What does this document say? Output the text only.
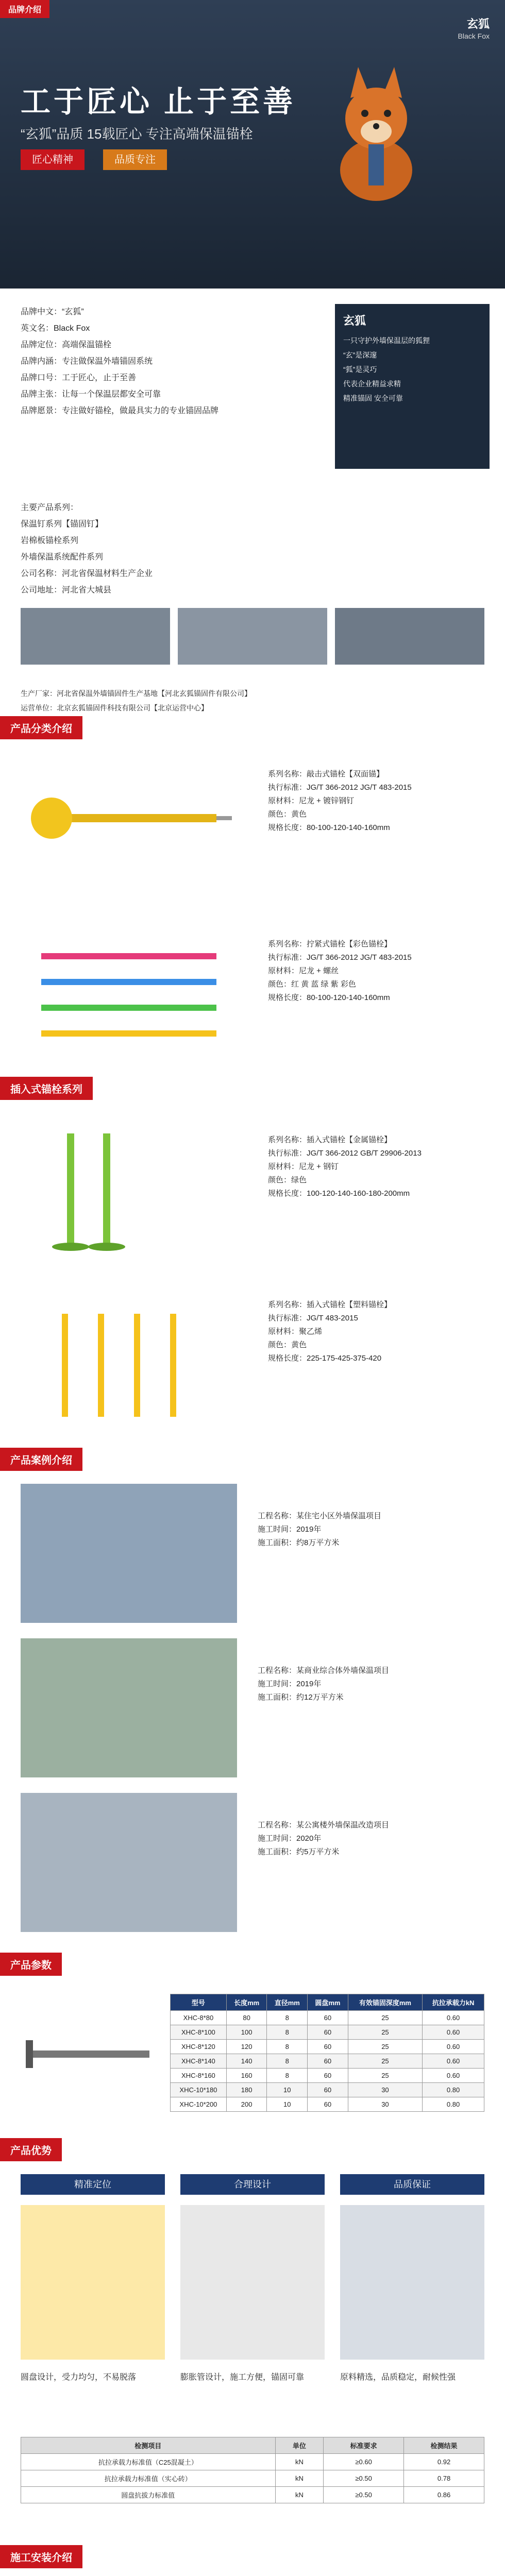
品牌介绍
工于匠心 止于至善
“玄狐”品质 15载匠心 专注高端保温锚栓
匠心精神	品质专注
玄狐
Black Fox

品牌中文：“玄狐”

英文名：Black Fox

品牌定位：高端保温锚栓

品牌内涵：专注做保温外墙锚固系统

品牌口号：工于匠心，止于至善

品牌主张：让每一个保温层都安全可靠

品牌愿景：专注做好锚栓，做最具实力的专业锚固品牌

玄狐

一只守护外墙保温层的狐狸

“玄”是深邃

“狐”是灵巧

代表企业精益求精

精准锚固 安全可靠

主要产品系列：

保温钉系列【锚固钉】

岩棉板锚栓系列

外墙保温系统配件系列

公司名称：河北省保温材料生产企业

公司地址：河北省大城县

生产厂家：河北省保温外墙锚固件生产基地【河北玄狐锚固件有限公司】
运营单位：北京玄狐锚固件科技有限公司【北京运营中心】
产品分类介绍

系列名称：敲击式锚栓【双面锚】

执行标准：JG/T 366-2012 JG/T 483-2015

原材料：尼龙 + 镀锌钢钉

颜色：黄色

规格长度：80-100-120-140-160mm

系列名称：拧紧式锚栓【彩色锚栓】

执行标准：JG/T 366-2012 JG/T 483-2015

原材料：尼龙 + 螺丝

颜色：红 黄 蓝 绿 紫 彩色

规格长度：80-100-120-140-160mm

插入式锚栓系列

系列名称：插入式锚栓【金属锚栓】

执行标准：JG/T 366-2012 GB/T 29906-2013

原材料：尼龙 + 钢钉

颜色：绿色

规格长度：100-120-140-160-180-200mm

系列名称：插入式锚栓【塑料锚栓】

执行标准：JG/T 483-2015

原材料：聚乙烯

颜色：黄色

规格长度：225-175-425-375-420

产品案例介绍

工程名称：某住宅小区外墙保温项目

施工时间：2019年

施工面积：约8万平方米

工程名称：某商业综合体外墙保温项目

施工时间：2019年

施工面积：约12万平方米

工程名称：某公寓楼外墙保温改造项目

施工时间：2020年

施工面积：约5万平方米

产品参数
型号	长度mm	直径mm	圆盘mm	有效锚固深度mm	抗拉承载力kN
XHC-8*80	80	8	60	25	0.60
XHC-8*100	100	8	60	25	0.60
XHC-8*120	120	8	60	25	0.60
XHC-8*140	140	8	60	25	0.60
XHC-8*160	160	8	60	25	0.60
XHC-10*180	180	10	60	30	0.80
XHC-10*200	200	10	60	30	0.80
产品优势
精准定位	合理设计	品质保证
圆盘设计，受力均匀，不易脱落	膨胀管设计，施工方便，锚固可靠	原料精选，品质稳定，耐候性强
检测项目	单位	标准要求	检测结果
抗拉承载力标准值（C25混凝土）	kN	≥0.60	0.92
抗拉承载力标准值（实心砖）	kN	≥0.50	0.78
圆盘抗拔力标准值	kN	≥0.50	0.86
施工安装介绍
